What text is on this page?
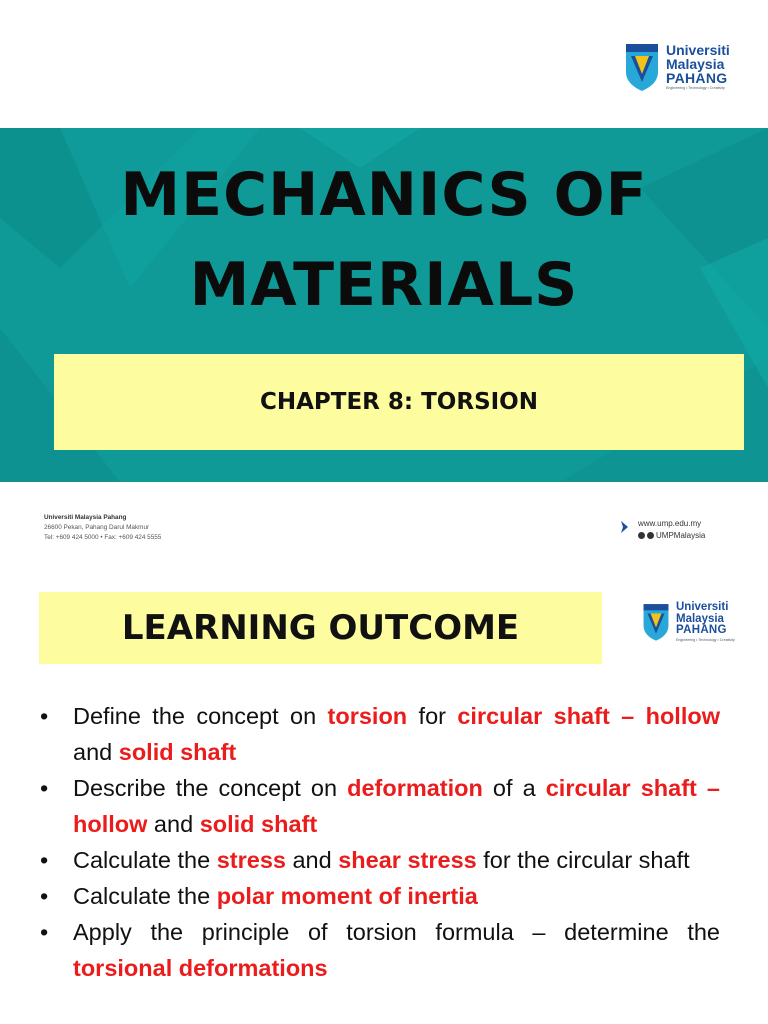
Universiti
Malaysia
PAHANG
Engineering • Technology • Creativity
MECHANICS OF
MATERIALS
CHAPTER 8: TORSION
Universiti Malaysia Pahang
26600 Pekan, Pahang Darul Makmur
Tel: +609 424 5000 • Fax: +609 424 5555
www.ump.edu.my
UMPMalaysia
LEARNING OUTCOME
Universiti
Malaysia
PAHANG
Engineering • Technology • Creativity
• Define the concept on torsion for circular shaft – hollow and solid shaft
• Describe the concept on deformation of a circular shaft – hollow and solid shaft
• Calculate the stress and shear stress for the circular shaft
• Calculate the polar moment of inertia
• Apply the principle of torsion formula – determine the torsional deformations
